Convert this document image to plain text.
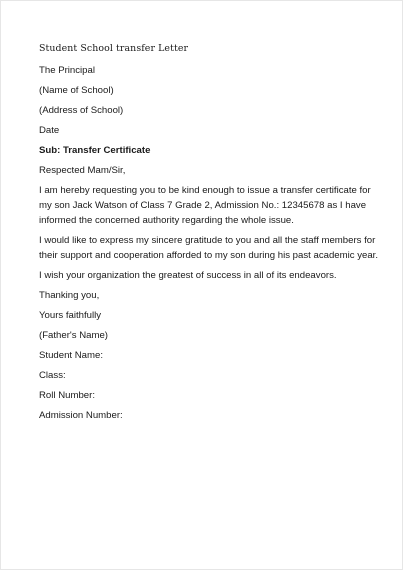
Student School transfer Letter
The Principal
(Name of School)
(Address of School)
Date
Sub: Transfer Certificate
Respected Mam/Sir,
I am hereby requesting you to be kind enough to issue a transfer certificate for
my son Jack Watson of Class 7 Grade 2, Admission No.: 12345678 as I have
informed the concerned authority regarding the whole issue.
I would like to express my sincere gratitude to you and all the staff members for
their support and cooperation afforded to my son during his past academic year.
I wish your organization the greatest of success in all of its endeavors.
Thanking you,
Yours faithfully
(Father's Name)
Student Name:
Class:
Roll Number:
Admission Number:
